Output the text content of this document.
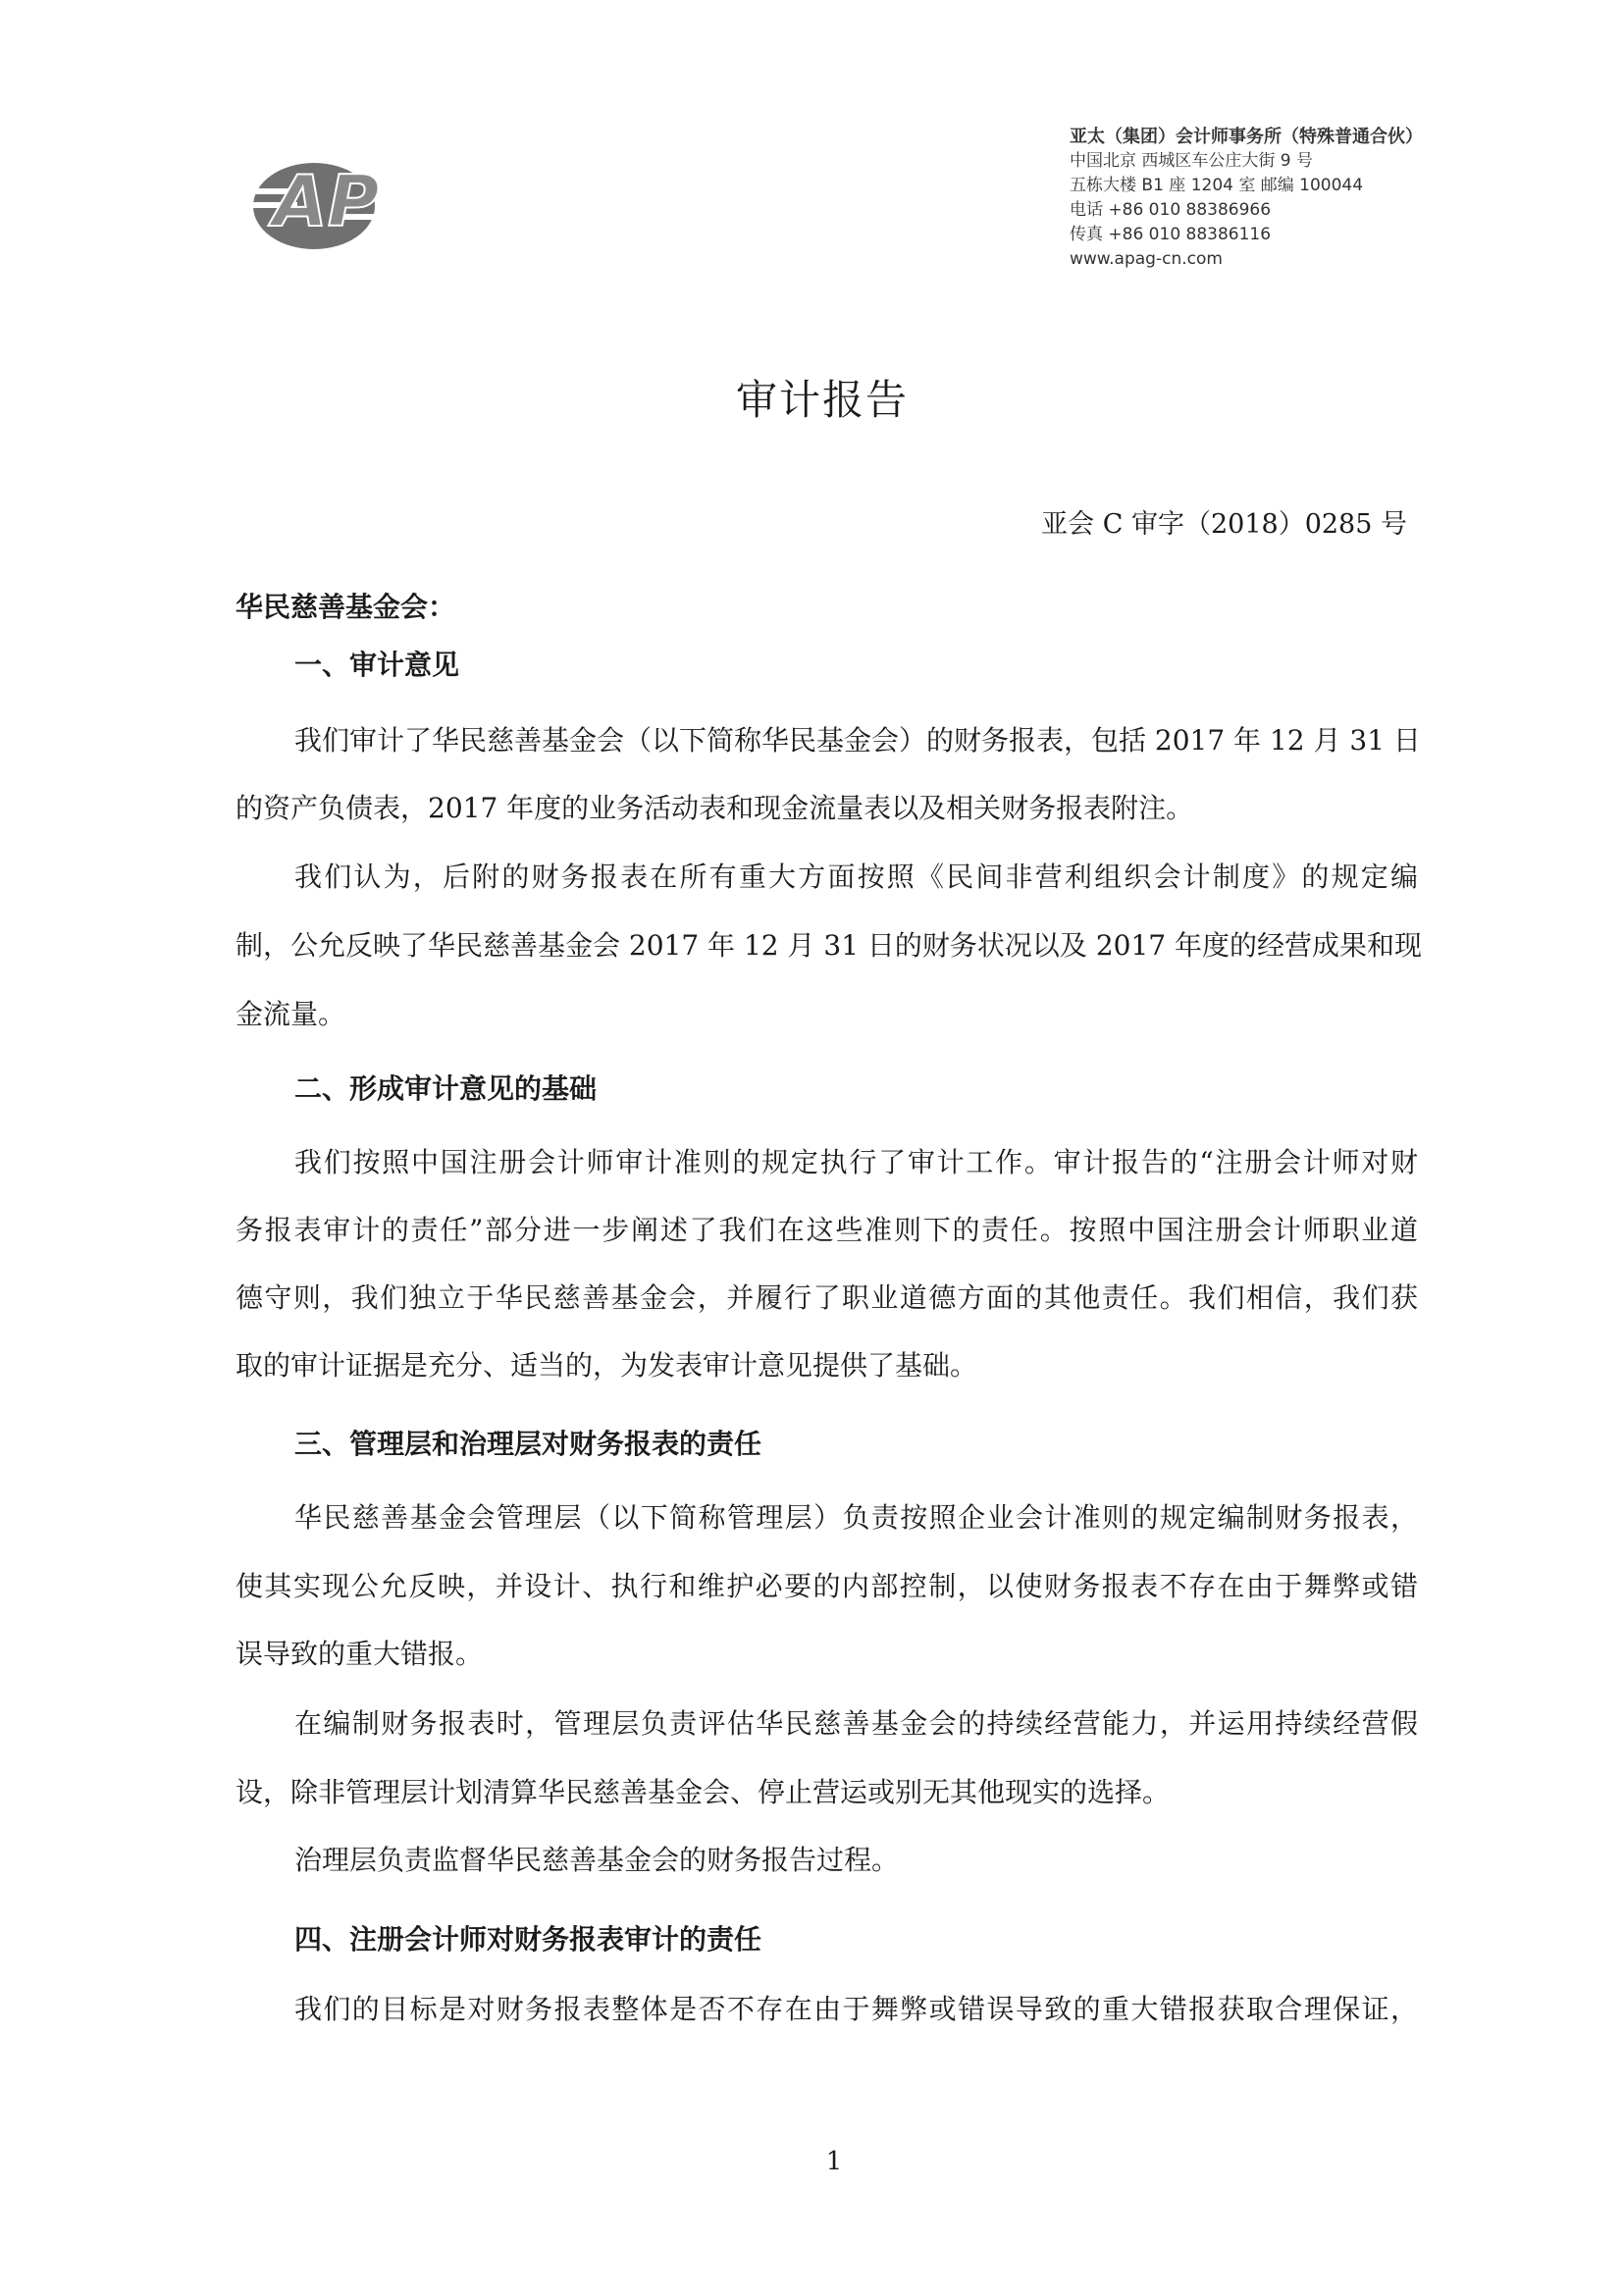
AP
亚太（集团）会计师事务所（特殊普通合伙）
中国北京 西城区车公庄大街 9 号
五栋大楼 B1 座 1204 室 邮编 100044
电话 +86 010 88386966
传真 +86 010 88386116
www.apag-cn.com
审计报告
亚会 C 审字（2018）0285 号
华民慈善基金会：
一、审计意见
我们审计了华民慈善基金会（以下简称华民基金会）的财务报表，包括 2017 年 12 月 31 日
的资产负债表，2017 年度的业务活动表和现金流量表以及相关财务报表附注。
我们认为，后附的财务报表在所有重大方面按照《民间非营利组织会计制度》的规定编
制，公允反映了华民慈善基金会 2017 年 12 月 31 日的财务状况以及 2017 年度的经营成果和现
金流量。
二、形成审计意见的基础
我们按照中国注册会计师审计准则的规定执行了审计工作。审计报告的“注册会计师对财
务报表审计的责任”部分进一步阐述了我们在这些准则下的责任。按照中国注册会计师职业道
德守则，我们独立于华民慈善基金会，并履行了职业道德方面的其他责任。我们相信，我们获
取的审计证据是充分、适当的，为发表审计意见提供了基础。
三、管理层和治理层对财务报表的责任
华民慈善基金会管理层（以下简称管理层）负责按照企业会计准则的规定编制财务报表，
使其实现公允反映，并设计、执行和维护必要的内部控制，以使财务报表不存在由于舞弊或错
误导致的重大错报。
在编制财务报表时，管理层负责评估华民慈善基金会的持续经营能力，并运用持续经营假
设，除非管理层计划清算华民慈善基金会、停止营运或别无其他现实的选择。
治理层负责监督华民慈善基金会的财务报告过程。
四、注册会计师对财务报表审计的责任
我们的目标是对财务报表整体是否不存在由于舞弊或错误导致的重大错报获取合理保证，
1
